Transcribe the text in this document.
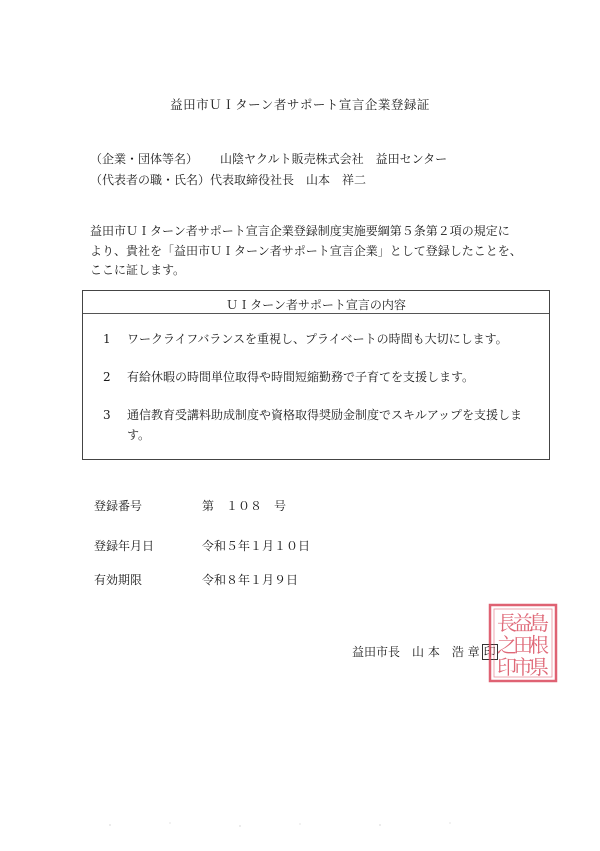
益田市ＵＩターン者サポート宣言企業登録証
（企業・団体等名） 山陰ヤクルト販売株式会社　益田センター
（代表者の職・氏名）代表取締役社長　山本　祥二

益田市ＵＩターン者サポート宣言企業登録制度実施要綱第５条第２項の規定に

より、貴社を「益田市ＵＩターン者サポート宣言企業」として登録したことを、

ここに証します。

ＵＩターン者サポート宣言の内容
1 ワークライフバランスを重視し、プライベートの時間も大切にします。
2 有給休暇の時間単位取得や時間短縮勤務で子育てを支援します。
3 通信教育受講料助成制度や資格取得奨励金制度でスキルアップを支援します。
登録番号	第　１０８　号
登録年月日	令和５年１月１０日
有効期限	令和８年１月９日
益田市長　山 本　浩 章 印
島
根
県
益
田
市
長
之
印
